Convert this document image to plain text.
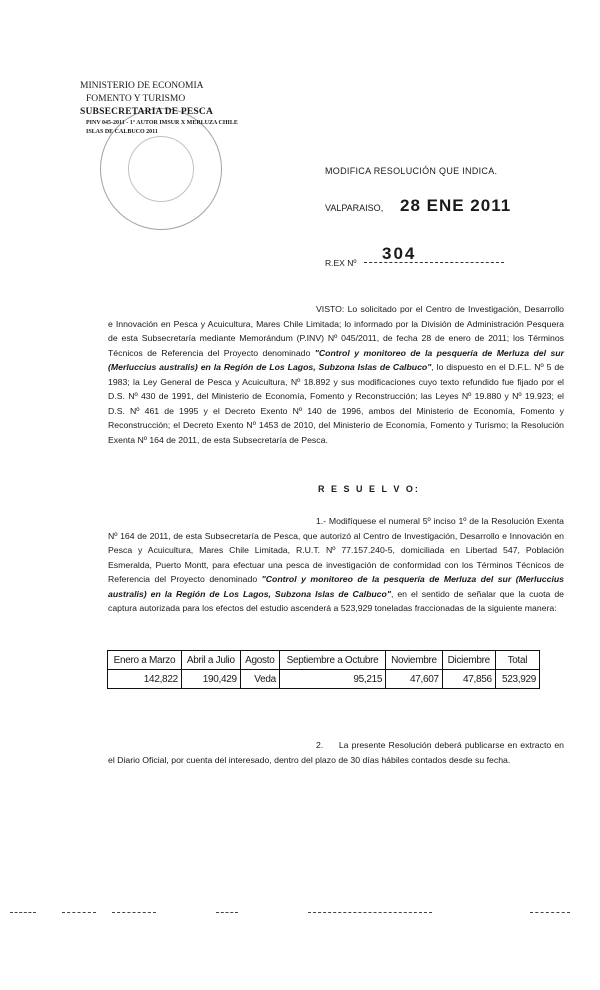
MINISTERIO DE ECONOMIA
FOMENTO Y TURISMO
SUBSECRETARIA DE PESCA
PINV 045-2011 - 1° AUTOR IMSUR X MERLUZA CHILE
ISLAS DE CALBUCO 2011
MODIFICA RESOLUCIÓN QUE INDICA.
VALPARAISO, 28 ENE 2011
R.EX Nº 304
VISTO: Lo solicitado por el Centro de Investigación, Desarrollo e Innovación en Pesca y Acuicultura, Mares Chile Limitada; lo informado por la División de Administración Pesquera de esta Subsecretaría mediante Memorándum (P.INV) Nº 045/2011, de fecha 28 de enero de 2011; los Términos Técnicos de Referencia del Proyecto denominado "Control y monitoreo de la pesquería de Merluza del sur (Merluccius australis) en la Región de Los Lagos, Subzona Islas de Calbuco", lo dispuesto en el D.F.L. Nº 5 de 1983; la Ley General de Pesca y Acuicultura, Nº 18.892 y sus modificaciones cuyo texto refundido fue fijado por el D.S. Nº 430 de 1991, del Ministerio de Economía, Fomento y Reconstrucción; las Leyes Nº 19.880 y Nº 19.923; el D.S. Nº 461 de 1995 y el Decreto Exento Nº 140 de 1996, ambos del Ministerio de Economía, Fomento y Reconstrucción; el Decreto Exento Nº 1453 de 2010, del Ministerio de Economía, Fomento y Turismo; la Resolución Exenta Nº 164 de 2011, de esta Subsecretaría de Pesca.
R E S U E L V O:
1.- Modifíquese el numeral 5º inciso 1º de la Resolución Exenta Nº 164 de 2011, de esta Subsecretaría de Pesca, que autorizó al Centro de Investigación, Desarrollo e Innovación en Pesca y Acuicultura, Mares Chile Limitada, R.U.T. Nº 77.157.240-5, domiciliada en Libertad 547, Población Esmeralda, Puerto Montt, para efectuar una pesca de investigación de conformidad con los Términos Técnicos de Referencia del Proyecto denominado "Control y monitoreo de la pesquería de Merluza del sur (Merluccius australis) en la Región de Los Lagos, Subzona Islas de Calbuco", en el sentido de señalar que la cuota de captura autorizada para los efectos del estudio ascenderá a 523,929 toneladas fraccionadas de la siguiente manera:
Enero a Marzo	Abril a Julio	Agosto	Septiembre a Octubre	Noviembre	Diciembre	Total
142,822	190,429	Veda	95,215	47,607	47,856	523,929
2. La presente Resolución deberá publicarse en extracto en el Diario Oficial, por cuenta del interesado, dentro del plazo de 30 días hábiles contados desde su fecha.
